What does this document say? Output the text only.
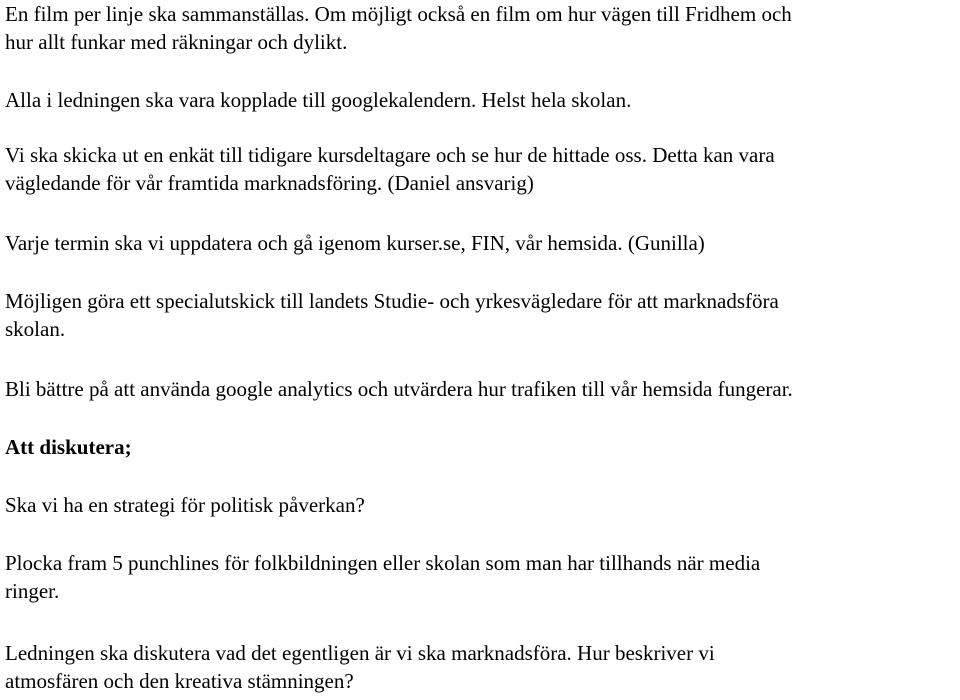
En film per linje ska sammanställas. Om möjligt också en film om hur vägen till Fridhem och
hur allt funkar med räkningar och dylikt.
Alla i ledningen ska vara kopplade till googlekalendern. Helst hela skolan.
Vi ska skicka ut en enkät till tidigare kursdeltagare och se hur de hittade oss. Detta kan vara
vägledande för vår framtida marknadsföring. (Daniel ansvarig)
Varje termin ska vi uppdatera och gå igenom kurser.se, FIN, vår hemsida. (Gunilla)
Möjligen göra ett specialutskick till landets Studie- och yrkesvägledare för att marknadsföra
skolan.
Bli bättre på att använda google analytics och utvärdera hur trafiken till vår hemsida fungerar.
Att diskutera;
Ska vi ha en strategi för politisk påverkan?
Plocka fram 5 punchlines för folkbildningen eller skolan som man har tillhands när media
ringer.
Ledningen ska diskutera vad det egentligen är vi ska marknadsföra. Hur beskriver vi
atmosfären och den kreativa stämningen?
